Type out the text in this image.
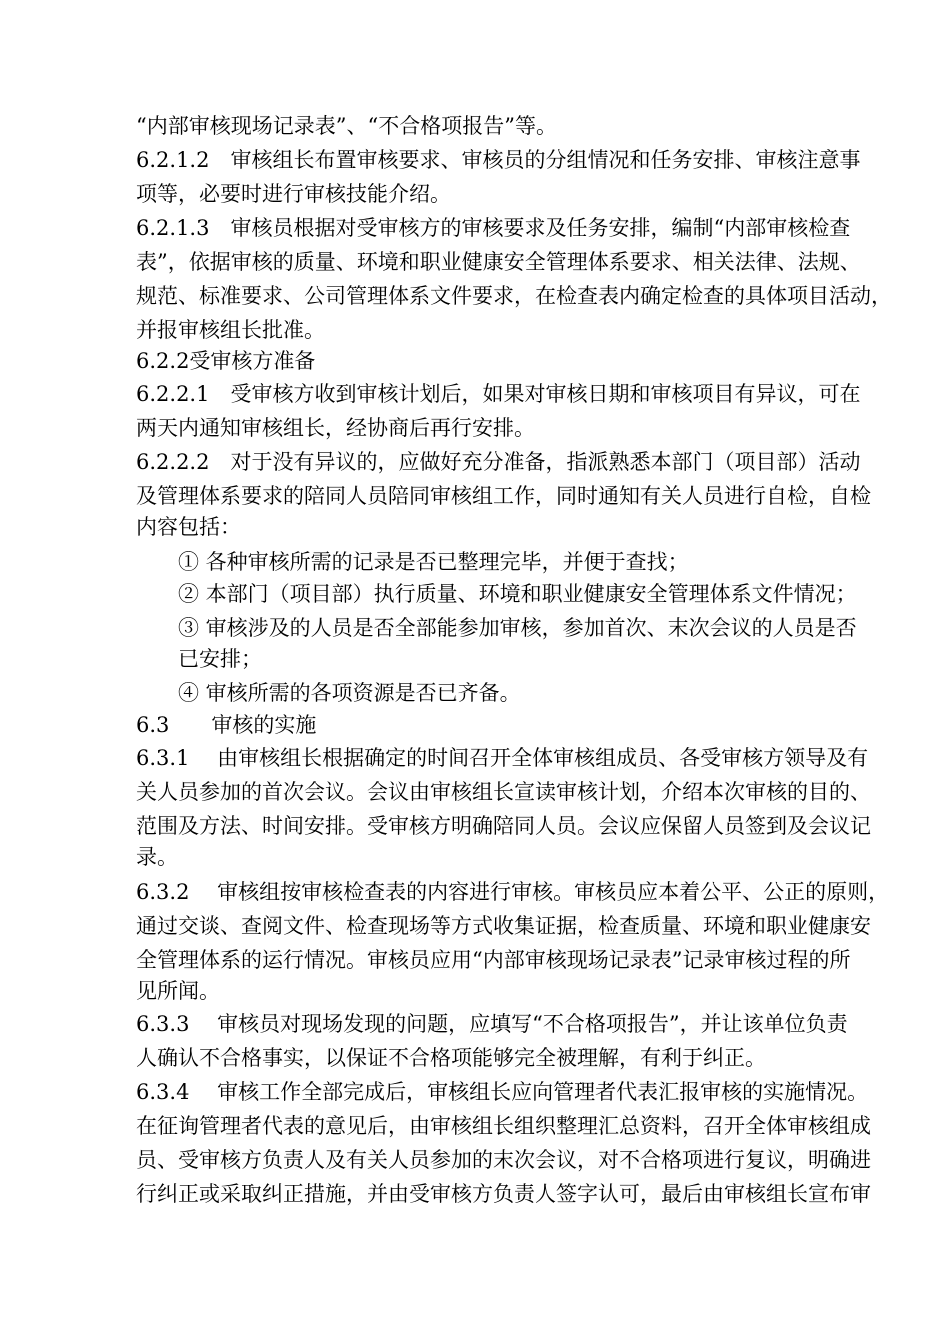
“内部审核现场记录表”、“不合格项报告”等。
6.2.1.2　审核组长布置审核要求、审核员的分组情况和任务安排、审核注意事
项等，必要时进行审核技能介绍。
6.2.1.3　审核员根据对受审核方的审核要求及任务安排，编制“内部审核检查
表”，依据审核的质量、环境和职业健康安全管理体系要求、相关法律、法规、
规范、标准要求、公司管理体系文件要求，在检查表内确定检查的具体项目活动，
并报审核组长批准。
6.2.2受审核方准备
6.2.2.1　受审核方收到审核计划后，如果对审核日期和审核项目有异议，可在
两天内通知审核组长，经协商后再行安排。
6.2.2.2　对于没有异议的，应做好充分准备，指派熟悉本部门（项目部）活动
及管理体系要求的陪同人员陪同审核组工作，同时通知有关人员进行自检，自检
内容包括：
① 各种审核所需的记录是否已整理完毕，并便于查找；
② 本部门（项目部）执行质量、环境和职业健康安全管理体系文件情况；
③ 审核涉及的人员是否全部能参加审核，参加首次、末次会议的人员是否
已安排；
④ 审核所需的各项资源是否已齐备。
6.3　　审核的实施
6.3.1　 由审核组长根据确定的时间召开全体审核组成员、各受审核方领导及有
关人员参加的首次会议。会议由审核组长宣读审核计划，介绍本次审核的目的、
范围及方法、时间安排。受审核方明确陪同人员。会议应保留人员签到及会议记
录。
6.3.2　 审核组按审核检查表的内容进行审核。审核员应本着公平、公正的原则，
通过交谈、查阅文件、检查现场等方式收集证据，检查质量、环境和职业健康安
全管理体系的运行情况。审核员应用“内部审核现场记录表”记录审核过程的所
见所闻。
6.3.3　 审核员对现场发现的问题，应填写“不合格项报告”，并让该单位负责
人确认不合格事实，以保证不合格项能够完全被理解，有利于纠正。
6.3.4　 审核工作全部完成后，审核组长应向管理者代表汇报审核的实施情况。
在征询管理者代表的意见后，由审核组长组织整理汇总资料，召开全体审核组成
员、受审核方负责人及有关人员参加的末次会议，对不合格项进行复议，明确进
行纠正或采取纠正措施，并由受审核方负责人签字认可，最后由审核组长宣布审
